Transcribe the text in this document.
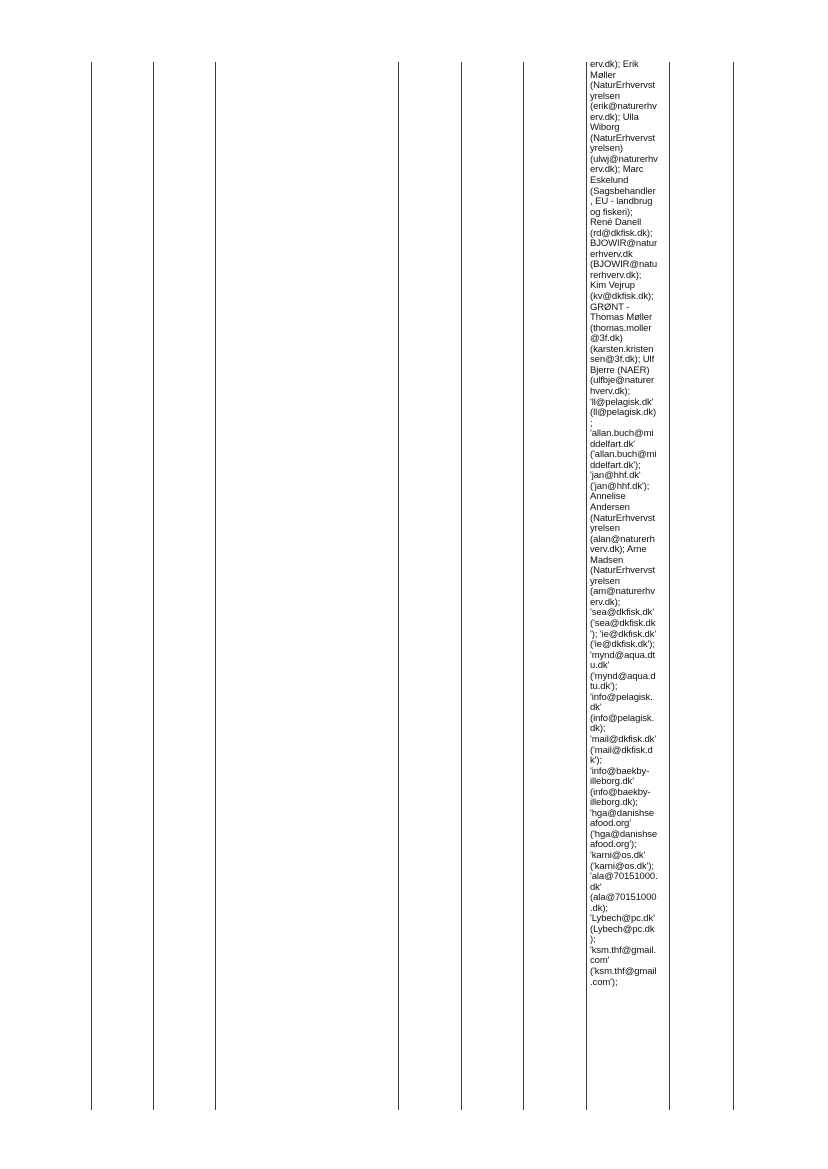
erv.dk); Erik
Møller
(NaturErhvervst
yrelsen
(erik@naturerhv
erv.dk); Ulla
Wiborg
(NaturErhvervst
yrelsen)
(ulwj@naturerhv
erv.dk); Marc
Eskelund
(Sagsbehandler
, EU - landbrug
og fiskeri);
René Danell
(rd@dkfisk.dk);
BJOWIR@natur
erhverv.dk
(BJOWIR@natu
rerhverv.dk);
Kim Vejrup
(kv@dkfisk.dk);
GRØNT -
Thomas Møller
(thomas.moller
@3f.dk)
(karsten.kristen
sen@3f.dk); Ulf
Bjerre (NAER)
(ulfbje@naturer
hverv.dk);
'll@pelagisk.dk'
(ll@pelagisk.dk)
;
'allan.buch@mi
ddelfart.dk'
('allan.buch@mi
ddelfart.dk');
'jan@hhf.dk'
('jan@hhf.dk');
Annelise
Andersen
(NaturErhvervst
yrelsen
(alan@naturerh
verv.dk); Arne
Madsen
(NaturErhvervst
yrelsen
(am@naturerhv
erv.dk);
'sea@dkfisk.dk'
('sea@dkfisk.dk
'); 'ie@dkfisk.dk'
('ie@dkfisk.dk');
'mynd@aqua.dt
u.dk'
('mynd@aqua.d
tu.dk');
'info@pelagisk.
dk'
(info@pelagisk.
dk);
'mail@dkfisk.dk'
('mail@dkfisk.d
k');
'info@baekby-
illeborg.dk'
(info@baekby-
illeborg.dk);
'hga@danishse
afood.org'
('hga@danishse
afood.org');
'karni@os.dk'
('karni@os.dk');
'ala@70151000.
dk'
(ala@70151000
.dk);
'Lybech@pc.dk'
(Lybech@pc.dk
);
'ksm.thf@gmail.
com'
('ksm.thf@gmail
.com');
